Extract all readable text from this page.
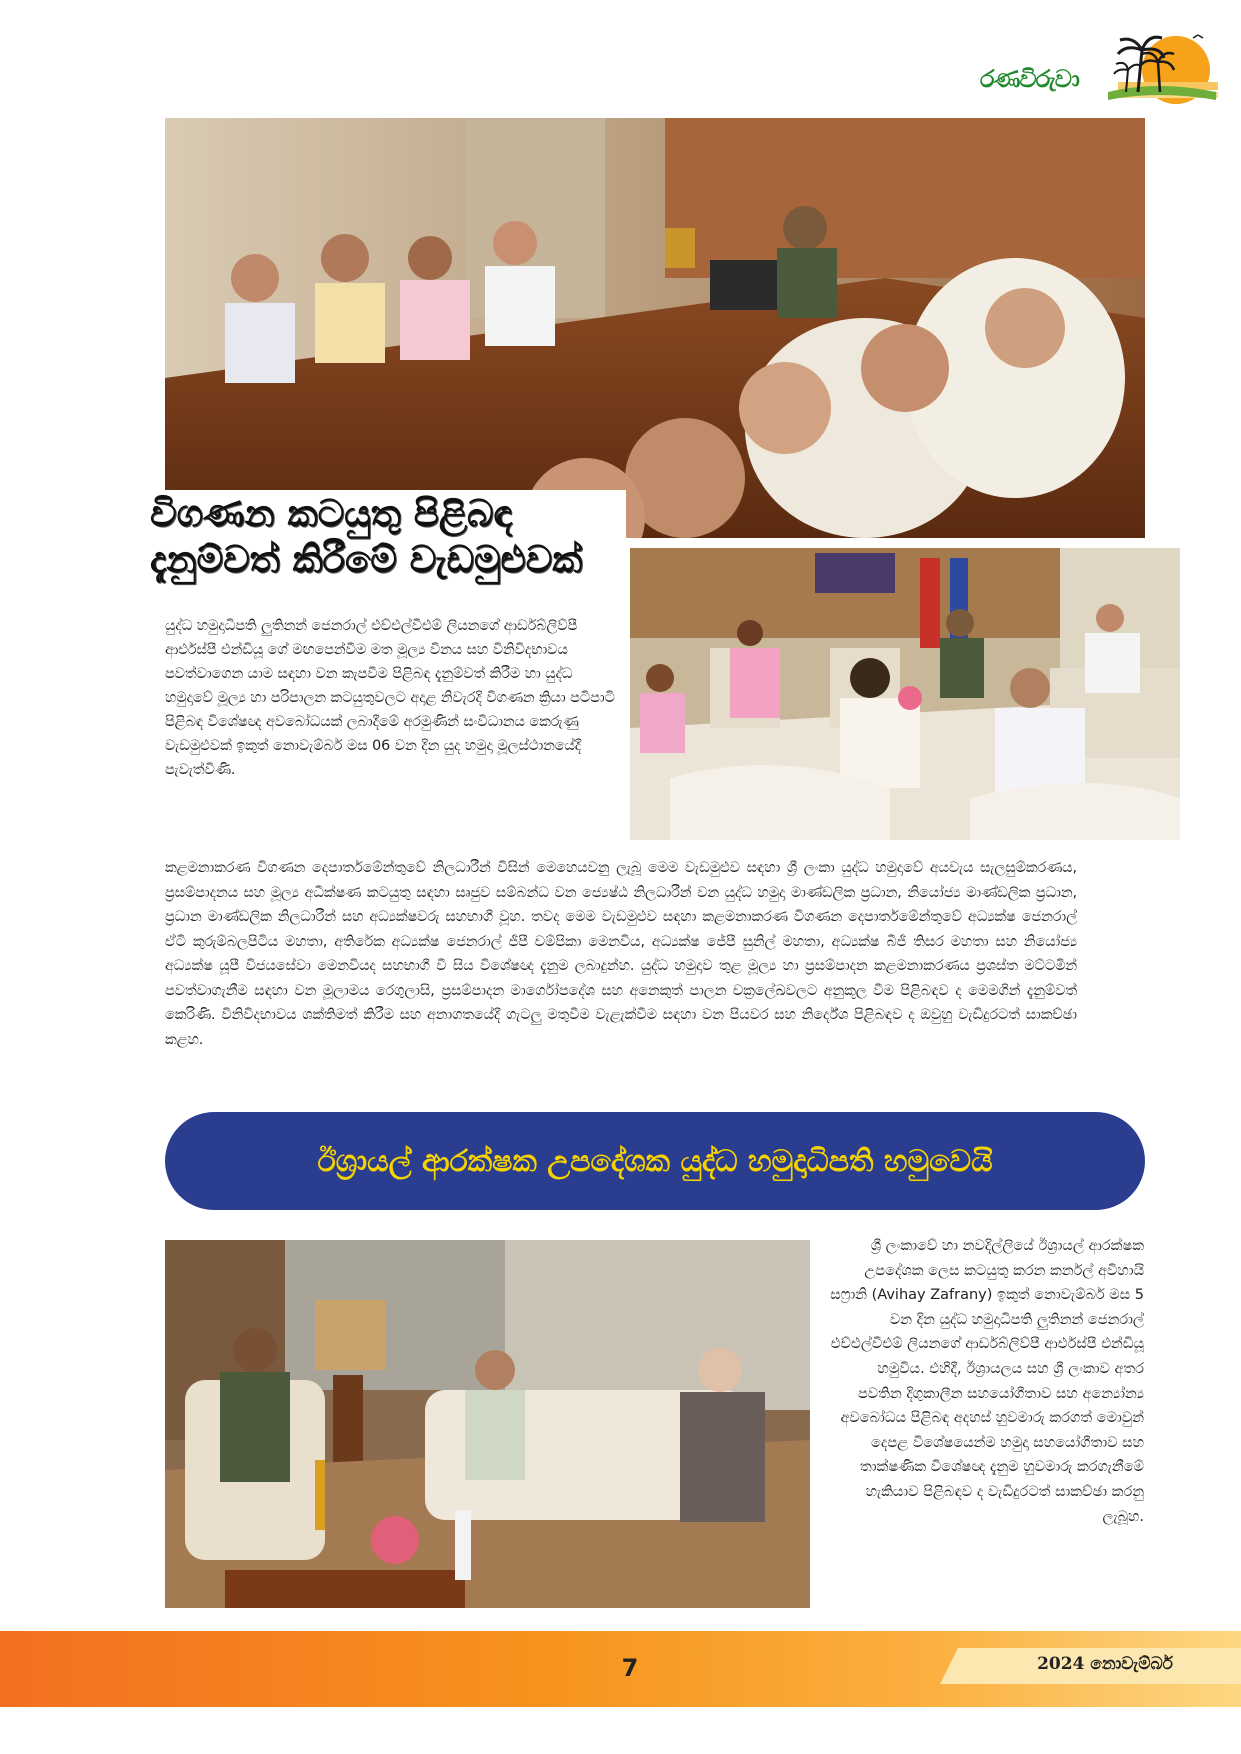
රණවිරුවා
විගණන කටයුතු පිළිබඳ
දැනුම්වත් කිරීමේ වැඩමුළුවක්
යුද්ධ හමුදාධිපති ලුතිනන් ජෙනරාල් එච්එල්වීඑම් ලියනගේ ආර්ඩබ්ලිව්පී ආර්එස්පී එන්ඩියූ ගේ මඟපෙන්වීම මත මූල්‍ය විනය සහ විනිවිදභාවය පවත්වාගෙන යාම සඳහා වන කැපවීම පිළිබඳ දැනුම්වත් කිරීම හා යුද්ධ හමුදාවේ මූල්‍ය හා පරිපාලන කටයුතුවලට අදාළ නිවැරදි විගණන ක්‍රියා පටිපාටි පිළිබඳ විශේෂඥ අවබෝධයක් ලබාදීමේ අරමුණින් සංවිධානය කෙරුණු වැඩමුළුවක් ඉකුත් නොවැම්බර් මස 06 වන දින යුද හමුදා මූලස්ථානයේදී පැවැත්විණි.
කළමනාකරණ විගණන දෙපාර්තමේන්තුවේ නිලධාරීන් විසින් මෙහෙයවනු ලැබූ මෙම වැඩමුළුව සඳහා ශ්‍රී ලංකා යුද්ධ හමුදාවේ අයවැය සැලසුම්කරණය, ප්‍රසම්පාදනය සහ මූල්‍ය අධීක්ෂණ කටයුතු සඳහා සෘජුව සම්බන්ධ වන ජ්‍යෙෂ්ඨ නිලධාරීන් වන යුද්ධ හමුදා මාණ්ඩලික ප්‍රධාන, නියෝජ්‍ය මාණ්ඩලික ප්‍රධාන, ප්‍රධාන මාණ්ඩලික නිලධාරීන් සහ අධ්‍යක්ෂවරු සහභාගී වූහ. තවද මෙම වැඩමුළුව සඳහා කළමනාකරණ විගණන දෙපාර්තමේන්තුවේ අධ්‍යක්ෂ ජෙනරාල් ඒටී කුරුම්බලපිටිය මහතා, අතිරේක අධ්‍යක්ෂ ජෙනරාල් ජීපී චම්පිකා මෙනවිය, අධ්‍යක්ෂ ජේපී සුනිල් මහතා, අධ්‍යක්ෂ බීජී තිසර මහතා සහ නියෝජ්‍ය අධ්‍යක්ෂ යූපී විජයසේවා මෙනවියද සහභාගී වී සිය විශේෂඥ දැනුම ලබාදුන්හ. යුද්ධ හමුදාව තුළ මූල්‍ය හා ප්‍රසම්පාදන කළමනාකරණය ප්‍රශස්ත මට්ටමින් පවත්වාගැනීම සඳහා වන මූලාමය රෙගුලාසි, ප්‍රසම්පාදන මාර්ගෝපදේශ සහ අනෙකුත් පාලන චක්‍රලේඛවලට අනුකූල වීම පිළිබඳව ද මෙමගින් දැනුම්වත් කෙරිණි. විනිවිදභාවය ශක්තිමත් කිරීම සහ අනාගතයේදී ගැටලු මතුවීම වැළැක්වීම සඳහා වන පියවර සහ නිර්දේශ පිළිබඳව ද ඔවුහු වැඩිදුරටත් සාකච්ඡා කළහ.
ඊශ්‍රායල් ආරක්ෂක උපදේශක යුද්ධ හමුදාධිපති හමුවෙයි
ශ්‍රී ලංකාවේ හා නවදිල්ලියේ ඊශ්‍රායල් ආරක්ෂක උපදේශක ලෙස කටයුතු කරන කර්නල් අවිහායි සෆ්‍රානි (Avihay Zafrany) ඉකුත් නොවැම්බර් මස 5 වන දින යුද්ධ හමුදාධිපති ලුතිනන් ජෙනරාල් එච්එල්වීඑම් ලියනගේ ආර්ඩබ්ලිව්පී ආර්එස්පී එන්ඩියූ හමුවිය. එහිදී, ඊශ්‍රායලය සහ ශ්‍රී ලංකාව අතර පවතින දිගුකාලීන සහයෝගීතාව සහ අන්‍යෝන්‍ය අවබෝධය පිළිබඳ අදහස් හුවමාරු කරගත් මොවුන් දෙපළ විශේෂයෙන්ම හමුදා සහයෝගීතාව සහ තාක්ෂණික විශේෂඥ දැනුම හුවමාරු කරගැනීමේ හැකියාව පිළිබඳව ද වැඩිදුරටත් සාකච්ඡා කරනු ලැබූහ.
7	2024 නොවැම්බර්
